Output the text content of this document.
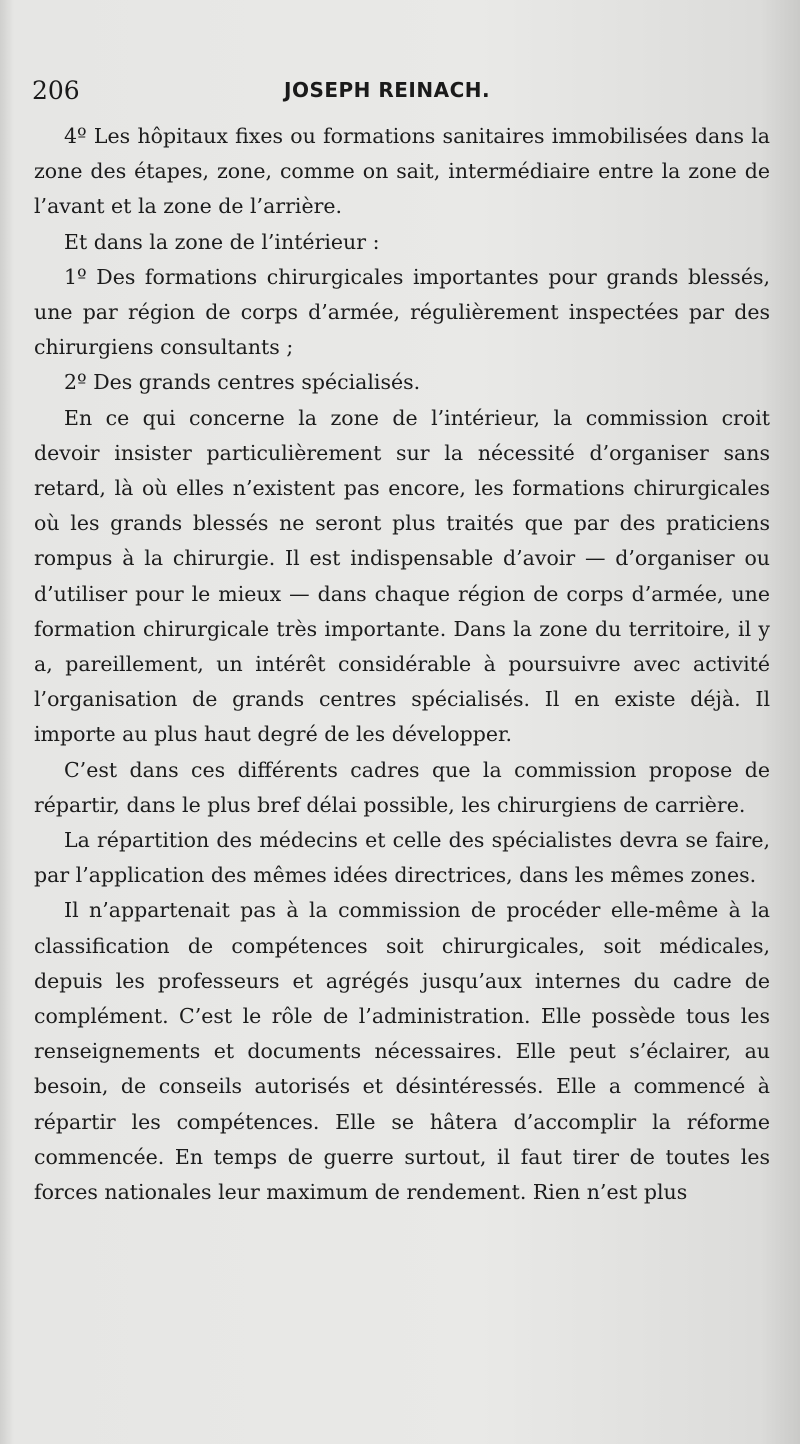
206	JOSEPH REINACH.

4º Les hôpitaux fixes ou formations sanitaires immobilisées dans la zone des étapes, zone, comme on sait, intermédiaire entre la zone de l’avant et la zone de l’arrière.

Et dans la zone de l’intérieur :

1º Des formations chirurgicales importantes pour grands blessés, une par région de corps d’armée, régulièrement inspectées par des chirurgiens consultants ;

2º Des grands centres spécialisés.

En ce qui concerne la zone de l’intérieur, la commission croit devoir insister particulièrement sur la nécessité d’organiser sans retard, là où elles n’existent pas encore, les formations chirurgicales où les grands blessés ne seront plus traités que par des praticiens rompus à la chirurgie. Il est indispensable d’avoir — d’organiser ou d’utiliser pour le mieux — dans chaque région de corps d’armée, une formation chirurgicale très importante. Dans la zone du territoire, il y a, pareillement, un intérêt considérable à poursuivre avec activité l’organisation de grands centres spécialisés. Il en existe déjà. Il importe au plus haut degré de les développer.

C’est dans ces différents cadres que la commission propose de répartir, dans le plus bref délai possible, les chirurgiens de carrière.

La répartition des médecins et celle des spécialistes devra se faire, par l’application des mêmes idées directrices, dans les mêmes zones.

Il n’appartenait pas à la commission de procéder elle-même à la classification de compétences soit chirurgicales, soit médicales, depuis les professeurs et agrégés jusqu’aux internes du cadre de complément. C’est le rôle de l’administration. Elle possède tous les renseignements et documents nécessaires. Elle peut s’éclairer, au besoin, de conseils autorisés et désintéressés. Elle a commencé à répartir les compétences. Elle se hâtera d’accomplir la réforme commencée. En temps de guerre surtout, il faut tirer de toutes les forces nationales leur maximum de rendement. Rien n’est plus
